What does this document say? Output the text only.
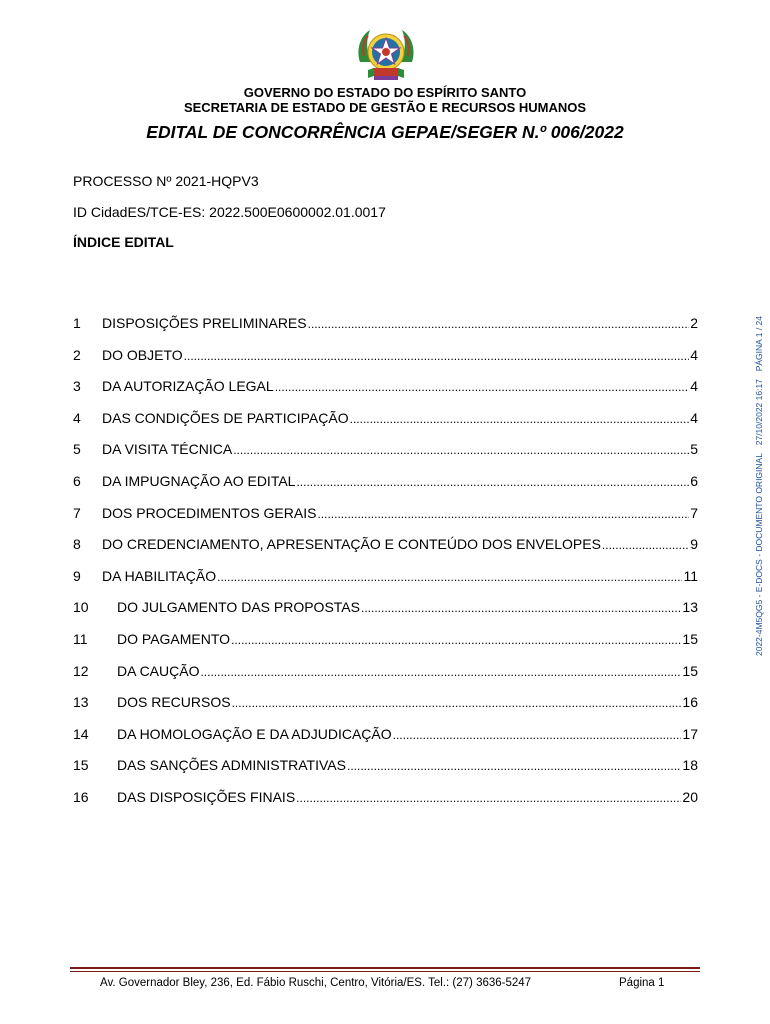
GOVERNO DO ESTADO DO ESPÍRITO SANTO
SECRETARIA DE ESTADO DE GESTÃO E RECURSOS HUMANOS
EDITAL DE CONCORRÊNCIA GEPAE/SEGER N.º 006/2022
PROCESSO Nº 2021-HQPV3
ID CidadES/TCE-ES: 2022.500E0600002.01.0017
ÍNDICE EDITAL
1 DISPOSIÇÕES PRELIMINARES .....	2
2 DO OBJETO .....	4
3 DA AUTORIZAÇÃO LEGAL .....	4
4 DAS CONDIÇÕES DE PARTICIPAÇÃO .....	4
5 DA VISITA TÉCNICA .....	5
6 DA IMPUGNAÇÃO AO EDITAL .....	6
7 DOS PROCEDIMENTOS GERAIS .....	7
8 DO CREDENCIAMENTO, APRESENTAÇÃO E CONTEÚDO DOS ENVELOPES .....	9
9 DA HABILITAÇÃO .....	11
10 DO JULGAMENTO DAS PROPOSTAS .....	13
11 DO PAGAMENTO .....	15
12 DA CAUÇÃO .....	15
13 DOS RECURSOS .....	16
14 DA HOMOLOGAÇÃO E DA ADJUDICAÇÃO .....	17
15 DAS SANÇÕES ADMINISTRATIVAS .....	18
16 DAS DISPOSIÇÕES FINAIS .....	20
2022-4M5QG5 - E-DOCS - DOCUMENTO ORIGINAL
27/10/2022 16:17
PÁGINA 1 / 24
Av. Governador Bley, 236, Ed. Fábio Ruschi, Centro, Vitória/ES. Tel.: (27) 3636-5247	Página 1
